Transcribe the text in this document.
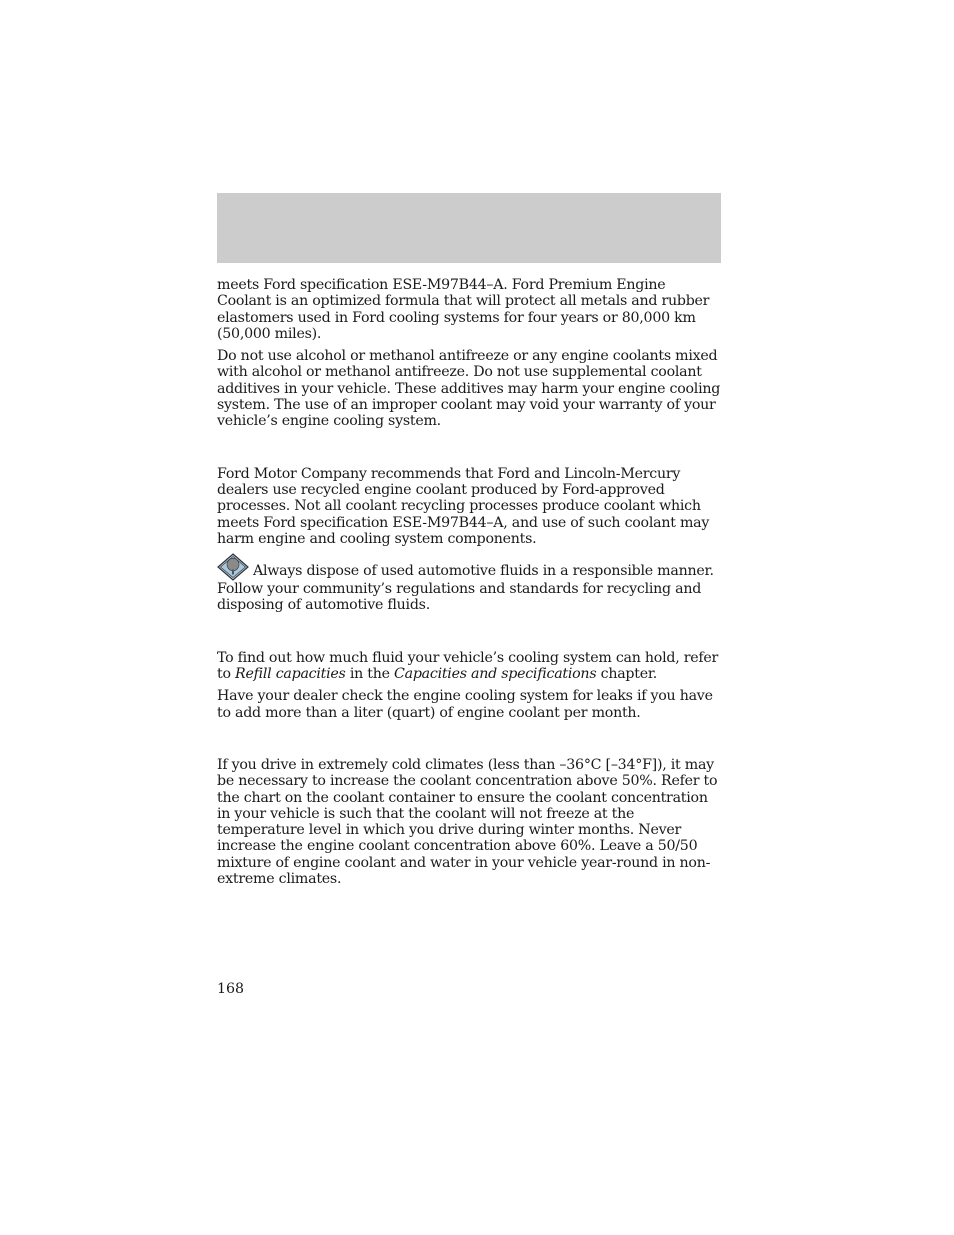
meets Ford specification ESE-M97B44–A. Ford Premium Engine Coolant is an optimized formula that will protect all metals and rubber elastomers used in Ford cooling systems for four years or 80,000 km (50,000 miles).

Do not use alcohol or methanol antifreeze or any engine coolants mixed with alcohol or methanol antifreeze. Do not use supplemental coolant additives in your vehicle. These additives may harm your engine cooling system. The use of an improper coolant may void your warranty of your vehicle’s engine cooling system.

Ford Motor Company recommends that Ford and Lincoln-Mercury dealers use recycled engine coolant produced by Ford-approved processes. Not all coolant recycling processes produce coolant which meets Ford specification ESE-M97B44–A, and use of such coolant may harm engine and cooling system components.

Always dispose of used automotive fluids in a responsible manner. Follow your community’s regulations and standards for recycling and disposing of automotive fluids.

To find out how much fluid your vehicle’s cooling system can hold, refer to Refill capacities in the Capacities and specifications chapter.

Have your dealer check the engine cooling system for leaks if you have to add more than a liter (quart) of engine coolant per month.

If you drive in extremely cold climates (less than –36°C [–34°F]), it may be necessary to increase the coolant concentration above 50%. Refer to the chart on the coolant container to ensure the coolant concentration in your vehicle is such that the coolant will not freeze at the temperature level in which you drive during winter months. Never increase the engine coolant concentration above 60%. Leave a 50/50 mixture of engine coolant and water in your vehicle year-round in non-extreme climates.

168
